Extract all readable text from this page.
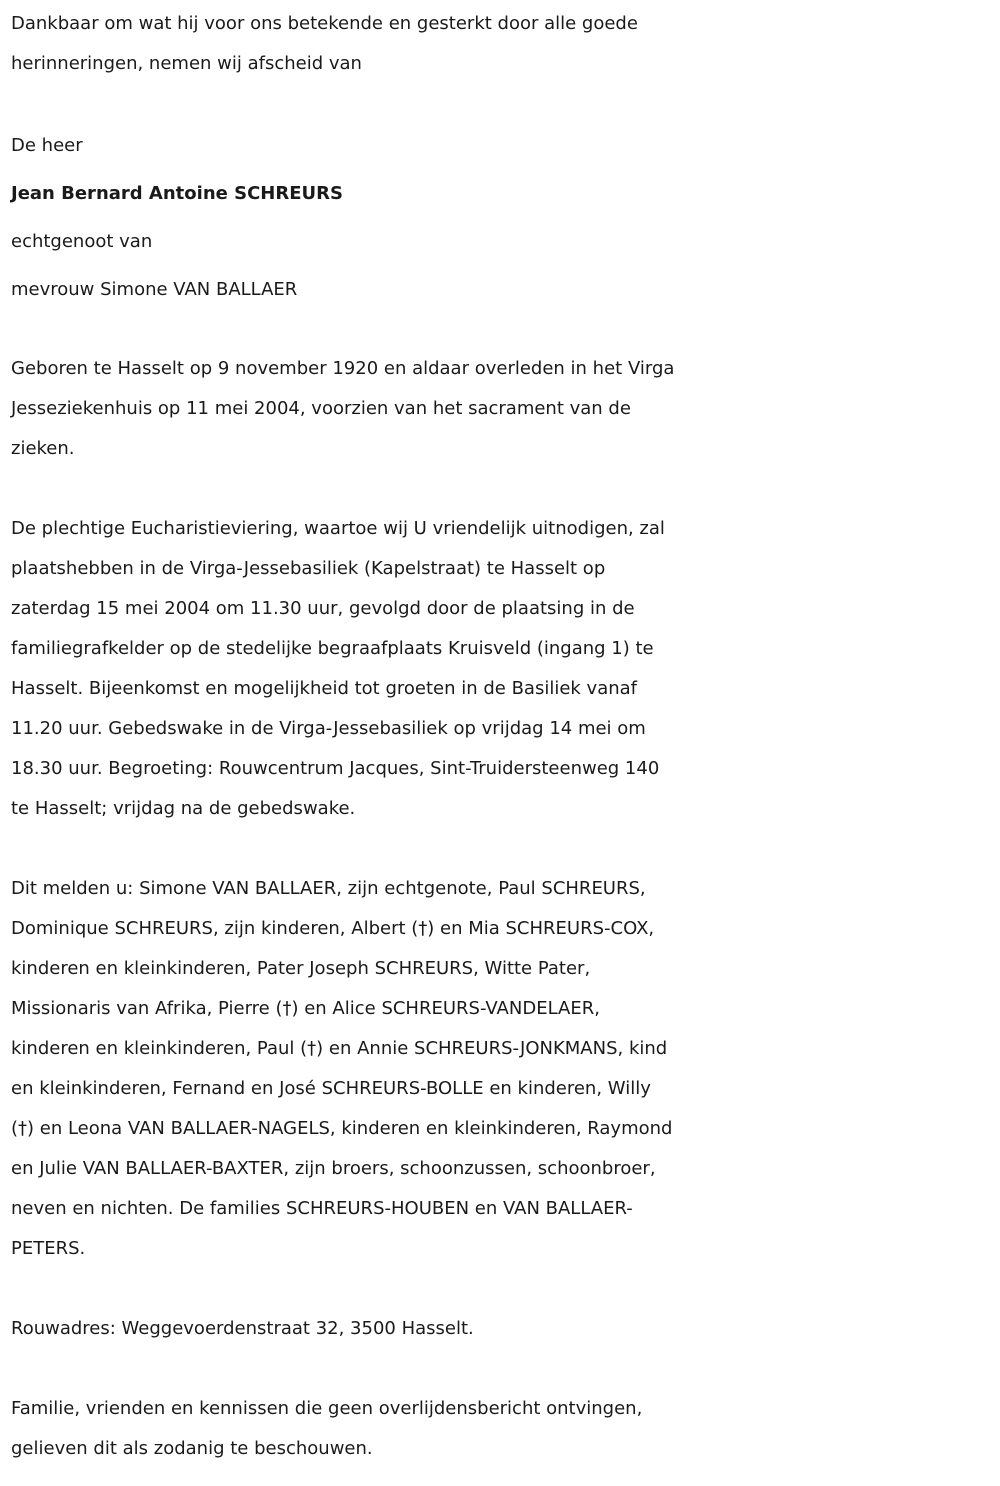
Dankbaar om wat hij voor ons betekende en gesterkt door alle goede
herinneringen, nemen wij afscheid van
De heer
Jean Bernard Antoine SCHREURS
echtgenoot van
mevrouw Simone VAN BALLAER
Geboren te Hasselt op 9 november 1920 en aldaar overleden in het Virga
Jesseziekenhuis op 11 mei 2004, voorzien van het sacrament van de
zieken.
De plechtige Eucharistieviering, waartoe wij U vriendelijk uitnodigen, zal
plaatshebben in de Virga-Jessebasiliek (Kapelstraat) te Hasselt op
zaterdag 15 mei 2004 om 11.30 uur, gevolgd door de plaatsing in de
familiegrafkelder op de stedelijke begraafplaats Kruisveld (ingang 1) te
Hasselt. Bijeenkomst en mogelijkheid tot groeten in de Basiliek vanaf
11.20 uur. Gebedswake in de Virga-Jessebasiliek op vrijdag 14 mei om
18.30 uur. Begroeting: Rouwcentrum Jacques, Sint-Truidersteenweg 140
te Hasselt; vrijdag na de gebedswake.
Dit melden u: Simone VAN BALLAER, zijn echtgenote, Paul SCHREURS,
Dominique SCHREURS, zijn kinderen, Albert (†) en Mia SCHREURS-COX,
kinderen en kleinkinderen, Pater Joseph SCHREURS, Witte Pater,
Missionaris van Afrika, Pierre (†) en Alice SCHREURS-VANDELAER,
kinderen en kleinkinderen, Paul (†) en Annie SCHREURS-JONKMANS, kind
en kleinkinderen, Fernand en José SCHREURS-BOLLE en kinderen, Willy
(†) en Leona VAN BALLAER-NAGELS, kinderen en kleinkinderen, Raymond
en Julie VAN BALLAER-BAXTER, zijn broers, schoonzussen, schoonbroer,
neven en nichten. De families SCHREURS-HOUBEN en VAN BALLAER-
PETERS.
Rouwadres: Weggevoerdenstraat 32, 3500 Hasselt.
Familie, vrienden en kennissen die geen overlijdensbericht ontvingen,
gelieven dit als zodanig te beschouwen.
